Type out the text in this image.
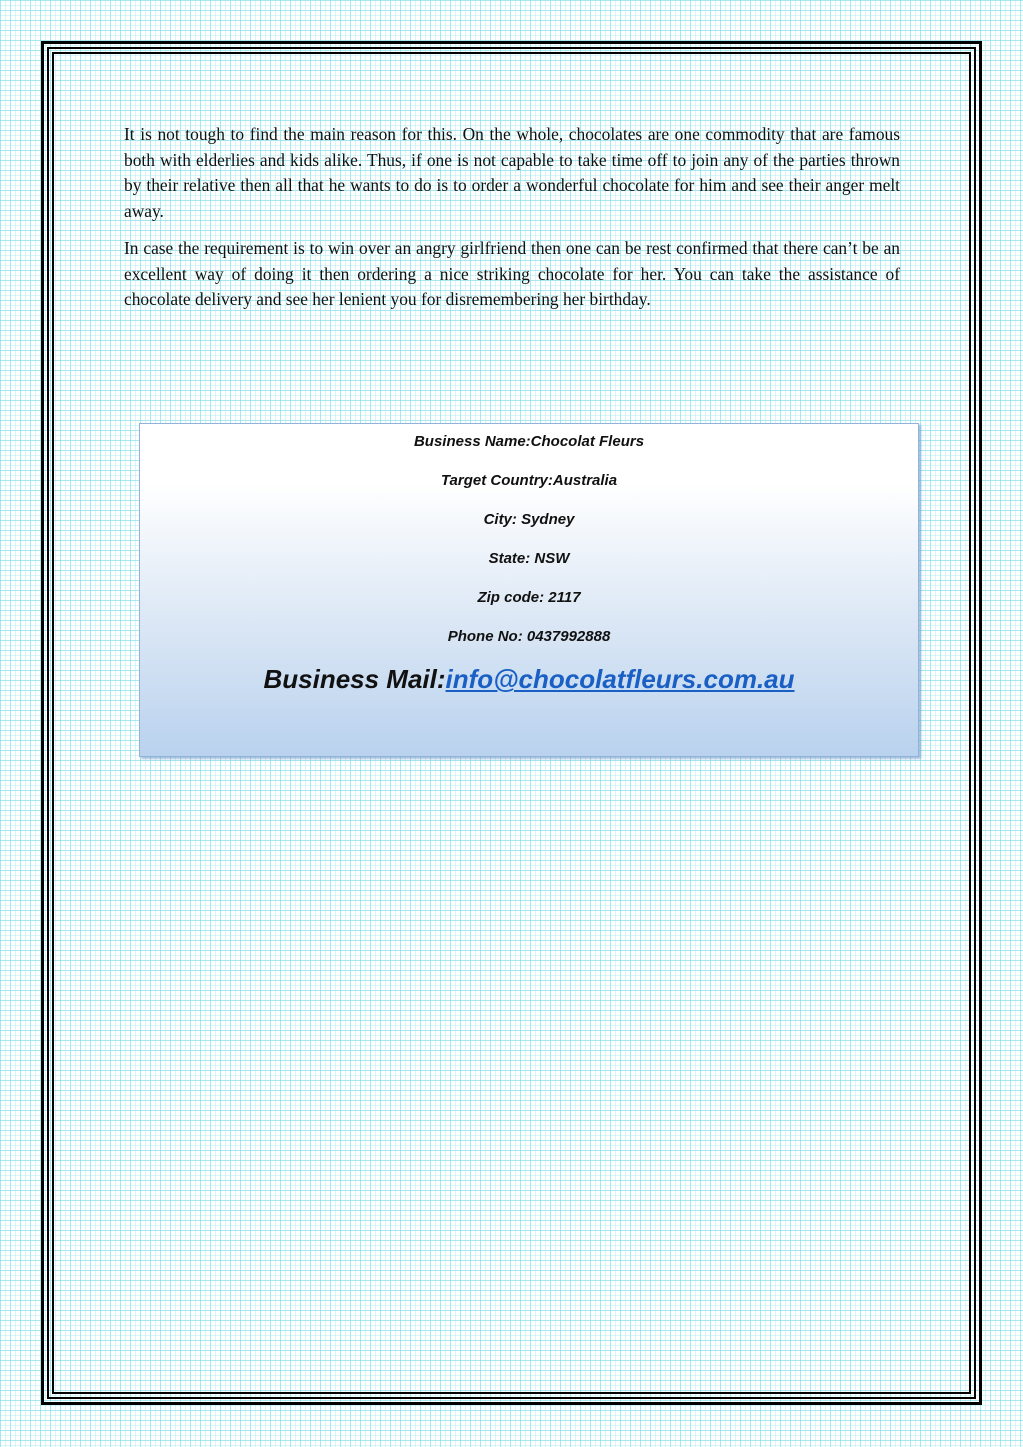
It is not tough to find the main reason for this. On the whole, chocolates are one commodity that are famous both with elderlies and kids alike. Thus, if one is not capable to take time off to join any of the parties thrown by their relative then all that he wants to do is to order a wonderful chocolate for him and see their anger melt away.

In case the requirement is to win over an angry girlfriend then one can be rest confirmed that there can’t be an excellent way of doing it then ordering a nice striking chocolate for her. You can take the assistance of chocolate delivery and see her lenient you for disremembering her birthday.

Business Name:Chocolat Fleurs
Target Country:Australia
City: Sydney
State: NSW
Zip code: 2117
Phone No: 0437992888
Business Mail:info@chocolatfleurs.com.au
